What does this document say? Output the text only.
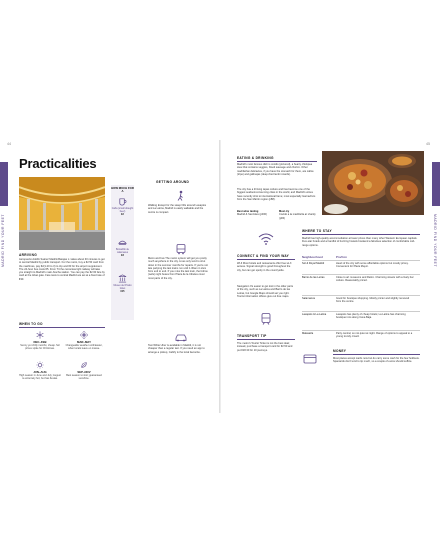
44
MADRID FIND YOUR FEET
Practicalities
ARRIVING
Aeropuerto Adolfo Suárez Madrid-Barajas ✈ takes about 30 minutes to get to central Madrid by public transport. For the metro, buy a €2.50 card from the machines, pay €2(1.20 to 3) to trip and €3 for the airport supplement. The 24-hour bus costs €5. From T4 the cercanías light railway will take you straight to Madrid's main Atocha station. You can pay the €2.60 fare by card at the ticket gate. Fare taxis to central Madrid are set at a fixed rate of €30.
HOW MUCH FOR A
Caña (small draught beer)
€2
Bocadillo de calamares
€3
Museo del Prado ticket
€15
GETTING AROUND
Walking Except for the steep hills around Lavapiés and La Latina, Madrid is easily walkable and the centre is compact.
Metro and bus The metro system will get you pretty much anywhere in the city. Lines only tend to shut down in the summer months for repairs. If you're not late partying the last trains run until 1.30am in 2am from end to end. If you miss the last train, the búhos (owls) night buses from Plaza de la Cibeles cover most parts of the city.
Taxi White Uber is available in Madrid, it is not cheaper than a regular taxi. If you need an app to arrange a pickup, Cabify is the local favourite.
WHEN TO GO
DEC–FEB
Sunny yet chilly months; cheap. Sol prices spike for Christmas.
MAR–MAY
Changeable weather until Easter, when locals leave en masse.
JUN–AUG
High season in June and July; August is extremely hot, but has fiestas.
SEP–NOV
Best season to visit; guaranteed sunshine.
45
MADRID FIND YOUR FEET
EATING & DRINKING
Madrid's most famous dish is cocido (pictured), a hearty chickpea stew that contains veggies, blood sausage and chorizo. Other madrileñan delicacies, if you have the stomach for them, are callos (tripe) and gallinejas (deep-fried lamb innards).
The city has a thriving tapas culture and has become one of the biggest seafood-consuming cities in the world, and Madrid's wines have recently shot to international fame; most especially Garnacha's from the San Martín region (p88).
Best wine tasting
Madrid & Sanzoles (p000)
Must-try
Cocido a la madrileña at Lhardy (p84)
CONNECT & FIND YOUR WAY
Wi-fi Most hotels and restaurants offer free wi-fi access. Signal strength is good throughout the city, but can get spotty in the countryside.
Navigation It's easier to get lost in the older parts of the city, such as La Latina and Barrio de las Letras, but Google Maps should set you right. Tourist information offices give out free maps.
TRANSPORT TIP
The metro's Tourist Ticket is not the best deal; instead, purchase a transport card for €2.50 and put €18.30 for 10 journeys.
WHERE TO STAY
Madrid has high-quality accommodation at lower prices than many other Western European capitals. Five-star hotels and a handful of buzzing hostels bookend a fabulous selection of comfortable mid-range options.
Neighbourhood	Pro/Con
Sol & Royal Madrid	Heart of the city with some affordable options but mostly pricey. Convenient for Plaza Mayor.
Barrio de las Letras	Close to art museums and Retiro. Charming streets with a lively bar culture. Reasonably priced.
Salamanca	Good for boutique shopping. Mostly pricier and slightly removed from the centre.
Lavapiés & La Latina	Lavapiés has plenty of cheap hotels; La Latina has charming boutique inns along Cava Baja.
Malasaña	Party central, so not quiet at night. Range of options to appeal to a young trendy crowd.
MONEY
Most places accept cards now but do carry some cash for the few holdouts. Spaniards don't tend to tip much, so a couple of euros should suffice.
